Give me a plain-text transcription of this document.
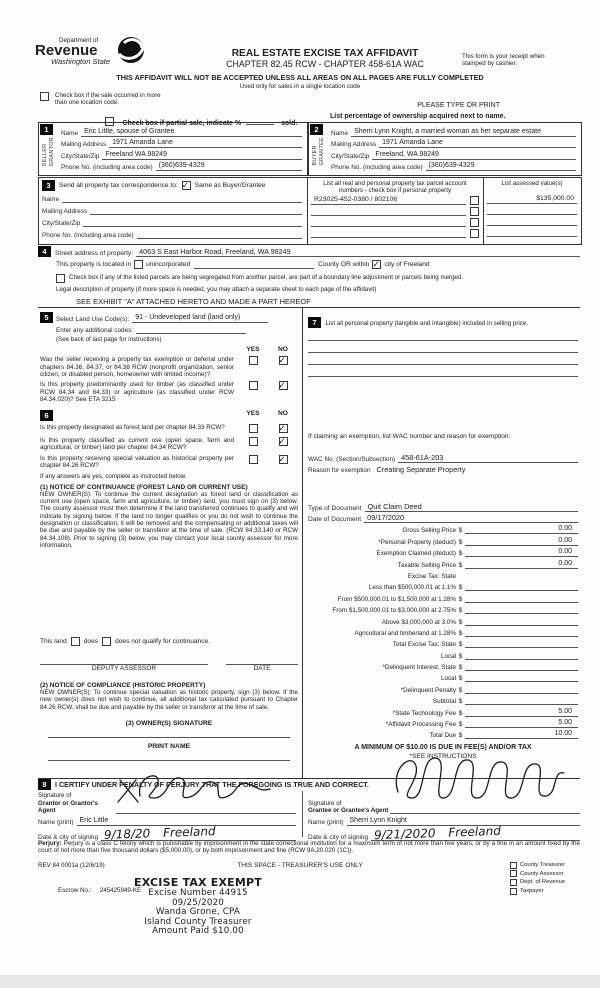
Department of
Revenue
Washington State
REAL ESTATE EXCISE TAX AFFIDAVIT
CHAPTER 82.45 RCW - CHAPTER 458-61A WAC
This form is your receipt when stamped by cashier.
THIS AFFIDAVIT WILL NOT BE ACCEPTED UNLESS ALL AREAS ON ALL PAGES ARE FULLY COMPLETED
Used only for sales in a single location code
Check box if the sale occurred in more than one location code.	PLEASE TYPE OR PRINT
Check box if partial sale, indicate %	sold.
List percentage of ownership acquired next to name.
1
SELLER GRANTOR
Name Eric Little, spouse of Grantee
Mailing Address 1971 Amanda Lane
City/State/Zip Freeland WA 98249
Phone No. (including area code) (360)639-4329
2
BUYER GRANTEE
Name Sherri Lynn Knight, a married woman as her separate estate
Mailing Address 1971 Amanda Lane
City/State/Zip Freeland, WA 98249
Phone No. (including area code) (360)639-4329
3	Send all property tax correspondence to: ✓	Same as Buyer/Grantee
Name
Mailing Address
City/State/Zip
Phone No. (including area code)
List all real and personal property tax parcel account numbers - check box if personal property
R23025-452-0380 / 802106
List assessed value(s)
$135,000.00
4	Street address of property: 4063 S East Harbor Road, Freeland, WA 98249
This property is located in unincorporated	County OR within ✓ city of Freeland
Check box if any of the listed parcels are being segregated from another parcel, are part of a boundary line adjustment or parcels being merged.
Legal description of property (if more space is needed, you may attach a separate sheet to each page of the affidavit)
SEE EXHIBIT "A" ATTACHED HERETO AND MADE A PART HEREOF
5	Select Land Use Code(s): 91 - Undeveloped land (land only)
Enter any additional codes:
(See back of last page for instructions)
YES	NO
Was the seller receiving a property tax exemption or deferral under chapters 84.36, 84.37, or 84.38 RCW (nonprofit organization, senior citizen, or disabled person, homeowner with limited income)?
✓
Is this property predominantly used for timber (as classified under RCW 84.34 and 84.33) or agriculture (as classified under RCW 84.34.020)? See ETA 3215
✓
6	YES	NO
Is this property designated as forest land per chapter 84.33 RCW?
✓
Is this property classified as current use (open space, farm and agricultural, or timber) land per chapter 84.34 RCW?
✓
Is this property receiving special valuation as historical property per chapter 84.26 RCW?
✓
If any answers are yes, complete as instructed below.
(1) NOTICE OF CONTINUANCE (FOREST LAND OR CURRENT USE)
NEW OWNER(S): To continue the current designation as forest land or classification as current use (open space, farm and agriculture, or timber) land, you must sign on (3) below. The county assessor must then determine if the land transferred continues to qualify and will indicate by signing below. If the land no longer qualifies or you do not wish to continue the designation or classification, it will be removed and the compensating or additional taxes will be due and payable by the seller or transferor at the time of sale. (RCW 84.33.140 or RCW 84.34.108). Prior to signing (3) below, you may contact your local county assessor for more information.
This land	does	does not qualify for continuance.
DEPUTY ASSESSOR	DATE
(2) NOTICE OF COMPLIANCE (HISTORIC PROPERTY)
NEW OWNER(S): To continue special valuation as historic property, sign (3) below. If the new owner(s) does not wish to continue, all additional tax calculated pursuant to Chapter 84.26 RCW, shall be due and payable by the seller or transferor at the time of sale.
(3) OWNER(S) SIGNATURE
PRINT NAME
7 List all personal property (tangible and intangible) included in selling price.
If claiming an exemption, list WAC number and reason for exemption:
WAC No. (Section/Subsection) 458-61A-203
Reason for exemption Creating Separate Property
Type of Document Quit Claim Deed
Date of Document 09/17/2020
Gross Selling Price $	0.00
*Personal Property (deduct) $	0.00
Exemption Claimed (deduct) $	0.00
Taxable Selling Price $	0.00
Excise Tax: State
Less than $500,000.01 at 1.1% $
From $500,000.01 to $1,500,000 at 1.28% $
From $1,500,000.01 to $3,000,000 at 2.75% $
Above $3,000,000 at 3.0% $
Agricultural and timberland at 1.28% $
Total Excise Tax: State $
Local $
*Delinquent Interest: State $
Local $
*Delinquent Penalty $
Subtotal $
*State Technology Fee $	5.00
*Affidavit Processing Fee $	5.00
Total Due $	10.00
A MINIMUM OF $10.00 IS DUE IN FEE(S) AND/OR TAX
*SEE INSTRUCTIONS
8	I CERTIFY UNDER PENALTY OF PERJURY THAT THE FOREGOING IS TRUE AND CORRECT.
Signature of
Grantor or Grantor's Agent
Name (print) Eric Little
Date & city of signing 9/18/20 Freeland
Signature of
Grantee or Grantee's Agent
Name (print) Sherri Lynn Knight
Date & city of signing 9/21/2020 Freeland
Perjury: Perjury is a class C felony which is punishable by imprisonment in the state correctional institution for a maximum term of not more than five years, or by a fine in an amount fixed by the court of not more than five thousand dollars ($5,000.00), or by both imprisonment and fine (RCW 9A.20.020 (1C)).
REV 84 0001a (12/6/19)	THIS SPACE - TREASURER'S USE ONLY	County Treasurer
County Assessor
Dept. of Revenue
Taxpayer
Escrow No.: 245425949-KE
EXCISE TAX EXEMPT
Excise Number 44915
09/25/2020
Wanda Grone, CPA
Island County Treasurer
Amount Paid $10.00
